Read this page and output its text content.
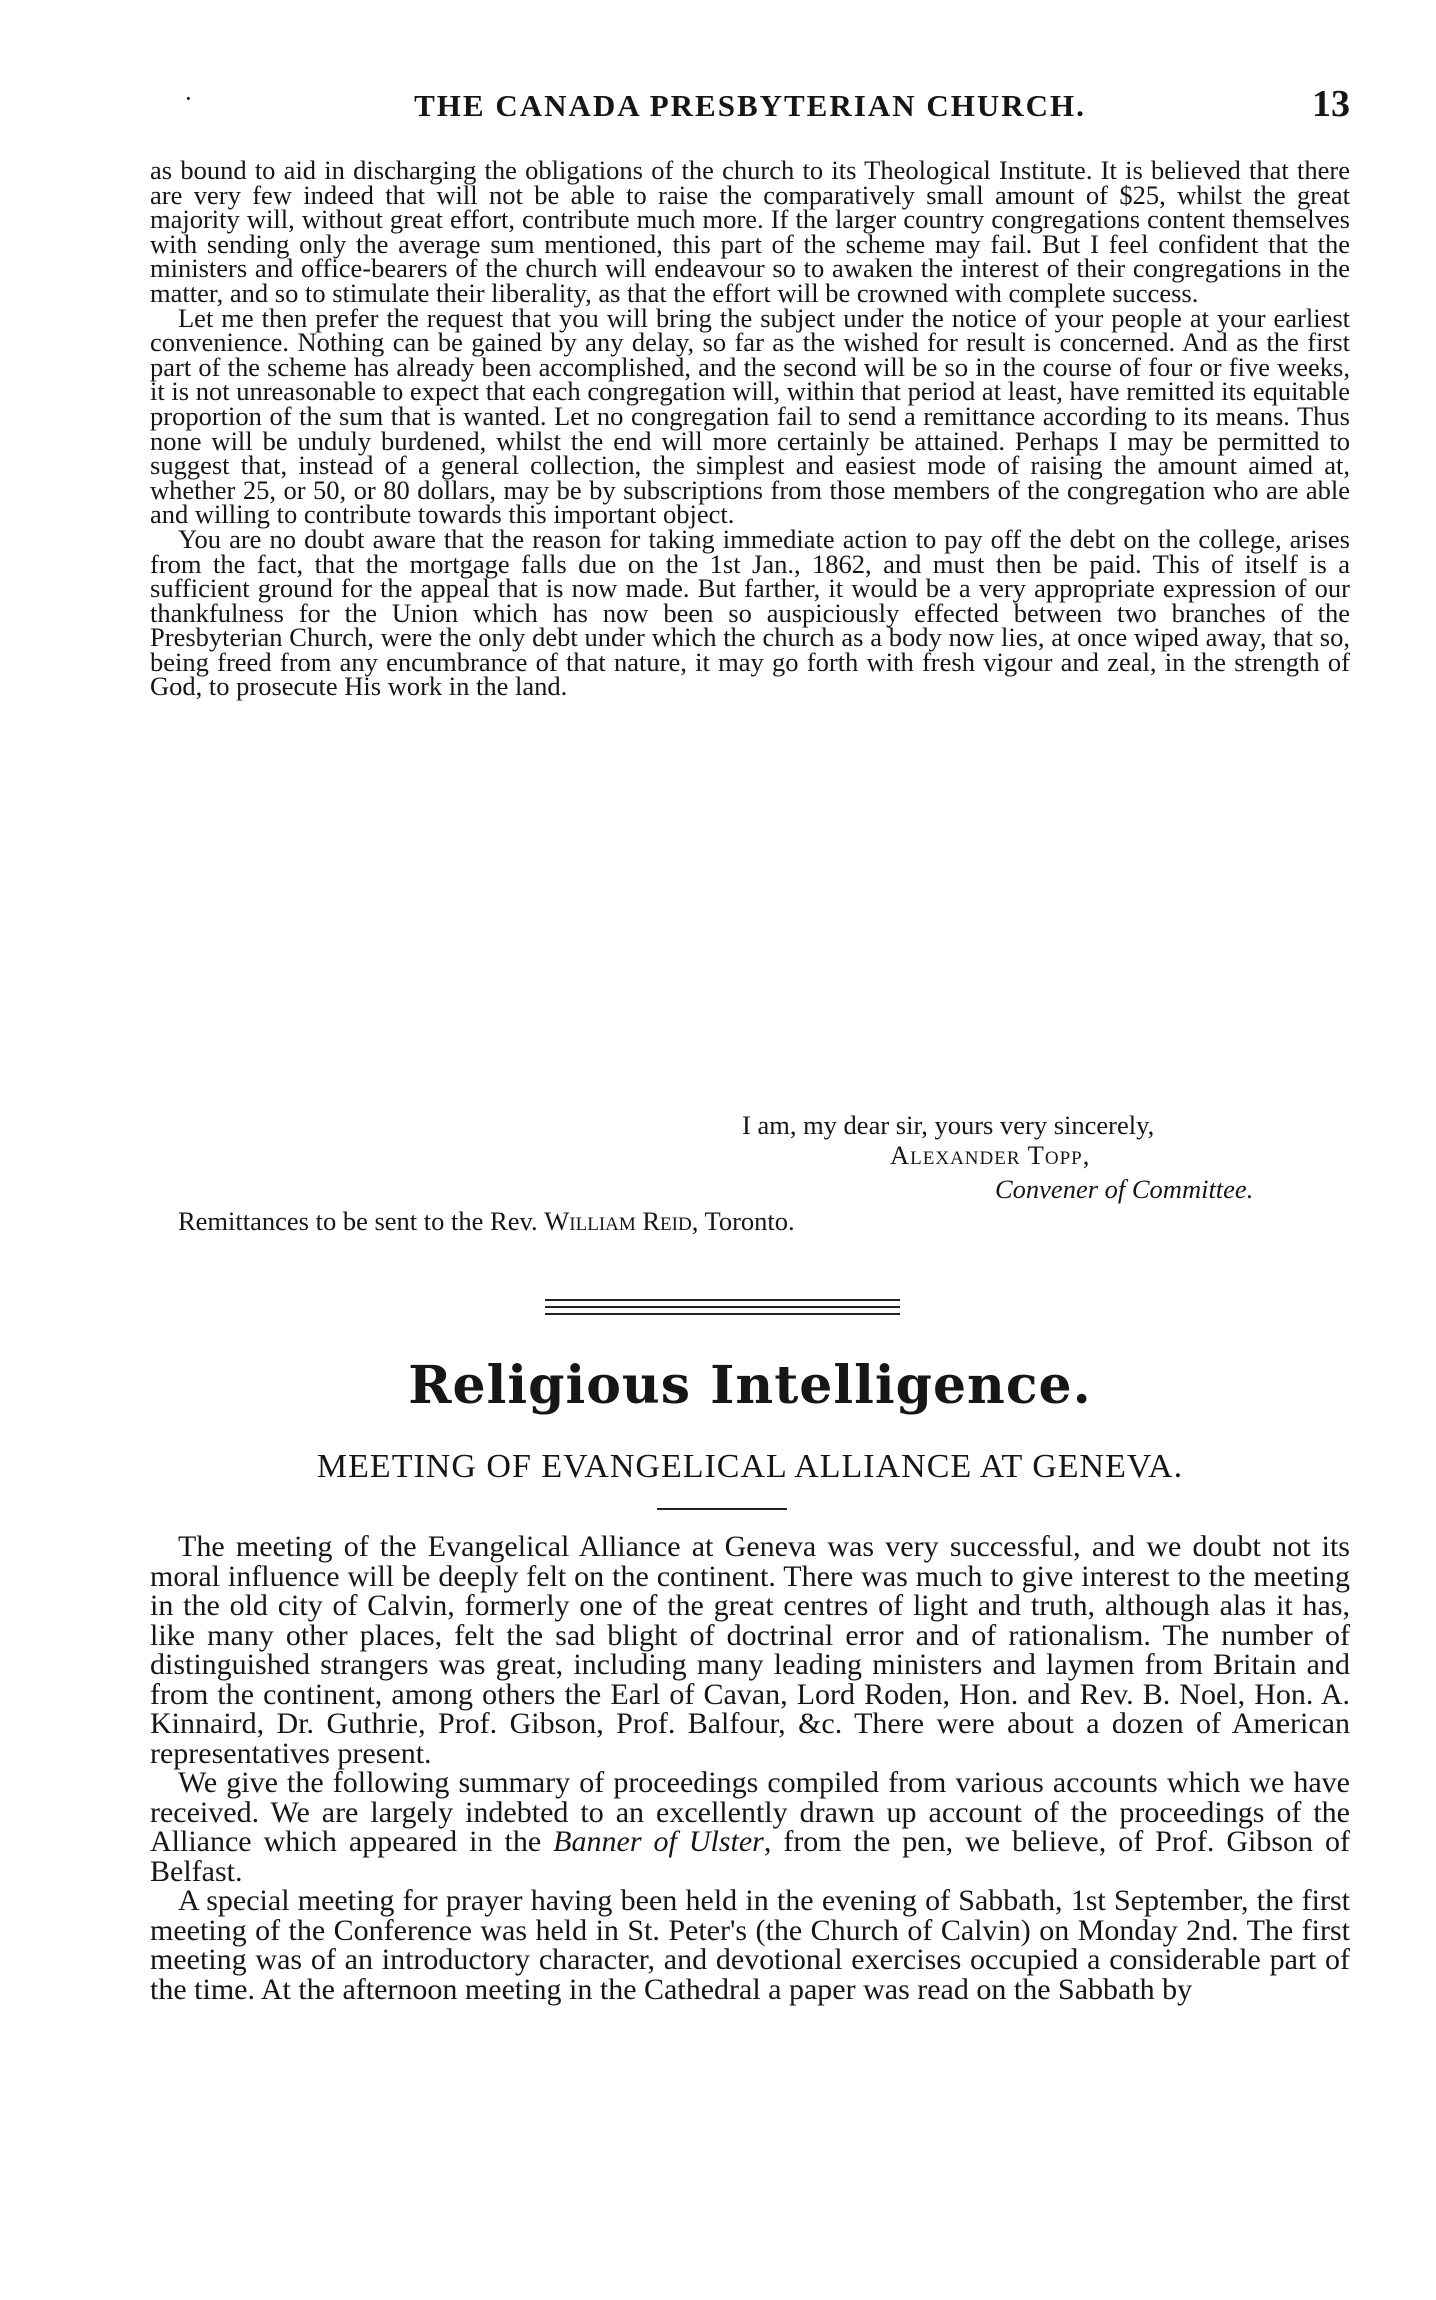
·	THE CANADA PRESBYTERIAN CHURCH.	13

as bound to aid in discharging the obligations of the church to its Theological Institute. It is believed that there are very few indeed that will not be able to raise the comparatively small amount of $25, whilst the great majority will, without great effort, contribute much more. If the larger country congregations content themselves with sending only the average sum mentioned, this part of the scheme may fail. But I feel confident that the ministers and office-bearers of the church will endeavour so to awaken the interest of their congregations in the matter, and so to stimulate their liberality, as that the effort will be crowned with complete success.

Let me then prefer the request that you will bring the subject under the notice of your people at your earliest convenience. Nothing can be gained by any delay, so far as the wished for result is concerned. And as the first part of the scheme has already been accomplished, and the second will be so in the course of four or five weeks, it is not unreasonable to expect that each congregation will, within that period at least, have remitted its equitable proportion of the sum that is wanted. Let no congregation fail to send a remittance according to its means. Thus none will be unduly burdened, whilst the end will more certainly be attained. Perhaps I may be permitted to suggest that, instead of a general collection, the simplest and easiest mode of raising the amount aimed at, whether 25, or 50, or 80 dollars, may be by subscriptions from those members of the congregation who are able and willing to contribute towards this important object.

You are no doubt aware that the reason for taking immediate action to pay off the debt on the college, arises from the fact, that the mortgage falls due on the 1st Jan., 1862, and must then be paid. This of itself is a sufficient ground for the appeal that is now made. But farther, it would be a very appropriate expression of our thankfulness for the Union which has now been so auspiciously effected between two branches of the Presbyterian Church, were the only debt under which the church as a body now lies, at once wiped away, that so, being freed from any encumbrance of that nature, it may go forth with fresh vigour and zeal, in the strength of God, to prosecute His work in the land.

I am, my dear sir, yours very sincerely,
Alexander Topp,
Convener of Committee.
Remittances to be sent to the Rev. William Reid, Toronto.
Religious Intelligence.
MEETING OF EVANGELICAL ALLIANCE AT GENEVA.

The meeting of the Evangelical Alliance at Geneva was very successful, and we doubt not its moral influence will be deeply felt on the continent. There was much to give interest to the meeting in the old city of Calvin, formerly one of the great centres of light and truth, although alas it has, like many other places, felt the sad blight of doctrinal error and of rationalism. The number of distinguished strangers was great, including many leading ministers and laymen from Britain and from the continent, among others the Earl of Cavan, Lord Roden, Hon. and Rev. B. Noel, Hon. A. Kinnaird, Dr. Guthrie, Prof. Gibson, Prof. Balfour, &c. There were about a dozen of American representatives present.

We give the following summary of proceedings compiled from various accounts which we have received. We are largely indebted to an excellently drawn up account of the proceedings of the Alliance which appeared in the Banner of Ulster, from the pen, we believe, of Prof. Gibson of Belfast.

A special meeting for prayer having been held in the evening of Sabbath, 1st September, the first meeting of the Conference was held in St. Peter's (the Church of Calvin) on Monday 2nd. The first meeting was of an introductory character, and devotional exercises occupied a considerable part of the time. At the afternoon meeting in the Cathedral a paper was read on the Sabbath by
